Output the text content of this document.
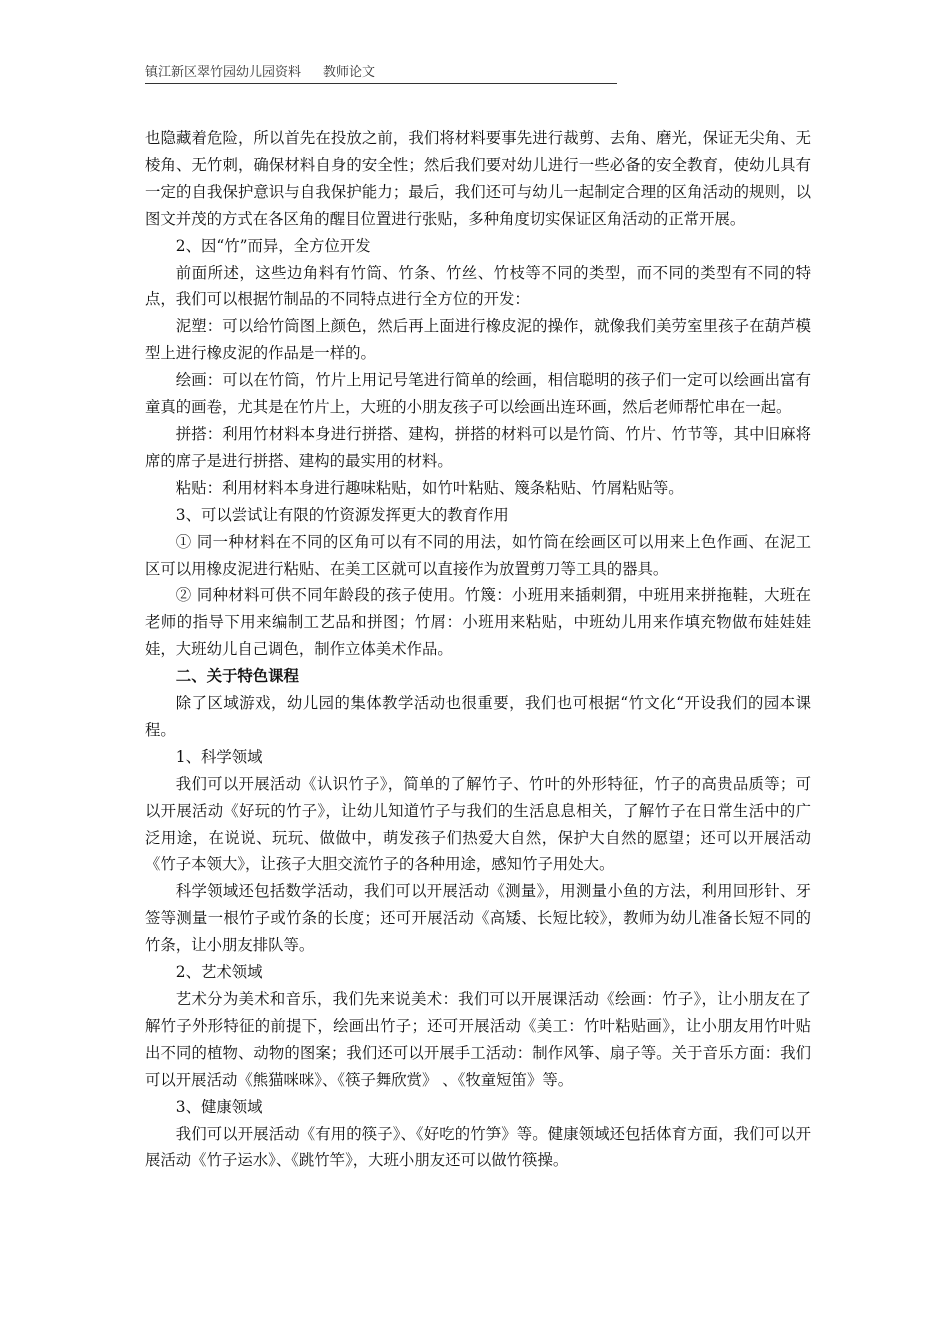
镇江新区翠竹园幼儿园资料 教师论文

也隐藏着危险，所以首先在投放之前，我们将材料要事先进行裁剪、去角、磨光，保证无尖角、无棱角、无竹刺，确保材料自身的安全性；然后我们要对幼儿进行一些必备的安全教育，使幼儿具有一定的自我保护意识与自我保护能力；最后，我们还可与幼儿一起制定合理的区角活动的规则，以图文并茂的方式在各区角的醒目位置进行张贴，多种角度切实保证区角活动的正常开展。

2、因“竹”而异，全方位开发

前面所述，这些边角料有竹筒、竹条、竹丝、竹枝等不同的类型，而不同的类型有不同的特点，我们可以根据竹制品的不同特点进行全方位的开发：

泥塑：可以给竹筒图上颜色，然后再上面进行橡皮泥的操作，就像我们美劳室里孩子在葫芦模型上进行橡皮泥的作品是一样的。

绘画：可以在竹筒，竹片上用记号笔进行简单的绘画，相信聪明的孩子们一定可以绘画出富有童真的画卷，尤其是在竹片上，大班的小朋友孩子可以绘画出连环画，然后老师帮忙串在一起。

拼搭：利用竹材料本身进行拼搭、建构，拼搭的材料可以是竹筒、竹片、竹节等，其中旧麻将席的席子是进行拼搭、建构的最实用的材料。

粘贴：利用材料本身进行趣味粘贴，如竹叶粘贴、篾条粘贴、竹屑粘贴等。

3、可以尝试让有限的竹资源发挥更大的教育作用

① 同一种材料在不同的区角可以有不同的用法，如竹筒在绘画区可以用来上色作画、在泥工区可以用橡皮泥进行粘贴、在美工区就可以直接作为放置剪刀等工具的器具。

② 同种材料可供不同年龄段的孩子使用。竹篾：小班用来插刺猬，中班用来拼拖鞋，大班在老师的指导下用来编制工艺品和拼图；竹屑：小班用来粘贴，中班幼儿用来作填充物做布娃娃娃娃，大班幼儿自己调色，制作立体美术作品。

二、关于特色课程

除了区域游戏，幼儿园的集体教学活动也很重要，我们也可根据“竹文化“开设我们的园本课程。

1、科学领域

我们可以开展活动《认识竹子》，简单的了解竹子、竹叶的外形特征，竹子的高贵品质等；可以开展活动《好玩的竹子》，让幼儿知道竹子与我们的生活息息相关，了解竹子在日常生活中的广泛用途，在说说、玩玩、做做中，萌发孩子们热爱大自然，保护大自然的愿望；还可以开展活动《竹子本领大》，让孩子大胆交流竹子的各种用途，感知竹子用处大。

科学领域还包括数学活动，我们可以开展活动《测量》，用测量小鱼的方法，利用回形针、牙签等测量一根竹子或竹条的长度；还可开展活动《高矮、长短比较》，教师为幼儿准备长短不同的竹条，让小朋友排队等。

2、艺术领域

艺术分为美术和音乐，我们先来说美术：我们可以开展课活动《绘画：竹子》，让小朋友在了解竹子外形特征的前提下，绘画出竹子；还可开展活动《美工：竹叶粘贴画》，让小朋友用竹叶贴出不同的植物、动物的图案；我们还可以开展手工活动：制作风筝、扇子等。关于音乐方面：我们可以开展活动《熊猫咪咪》、《筷子舞欣赏》 、《牧童短笛》等。

3、健康领域

我们可以开展活动《有用的筷子》、《好吃的竹笋》等。健康领域还包括体育方面，我们可以开展活动《竹子运水》、《跳竹竿》，大班小朋友还可以做竹筷操。
